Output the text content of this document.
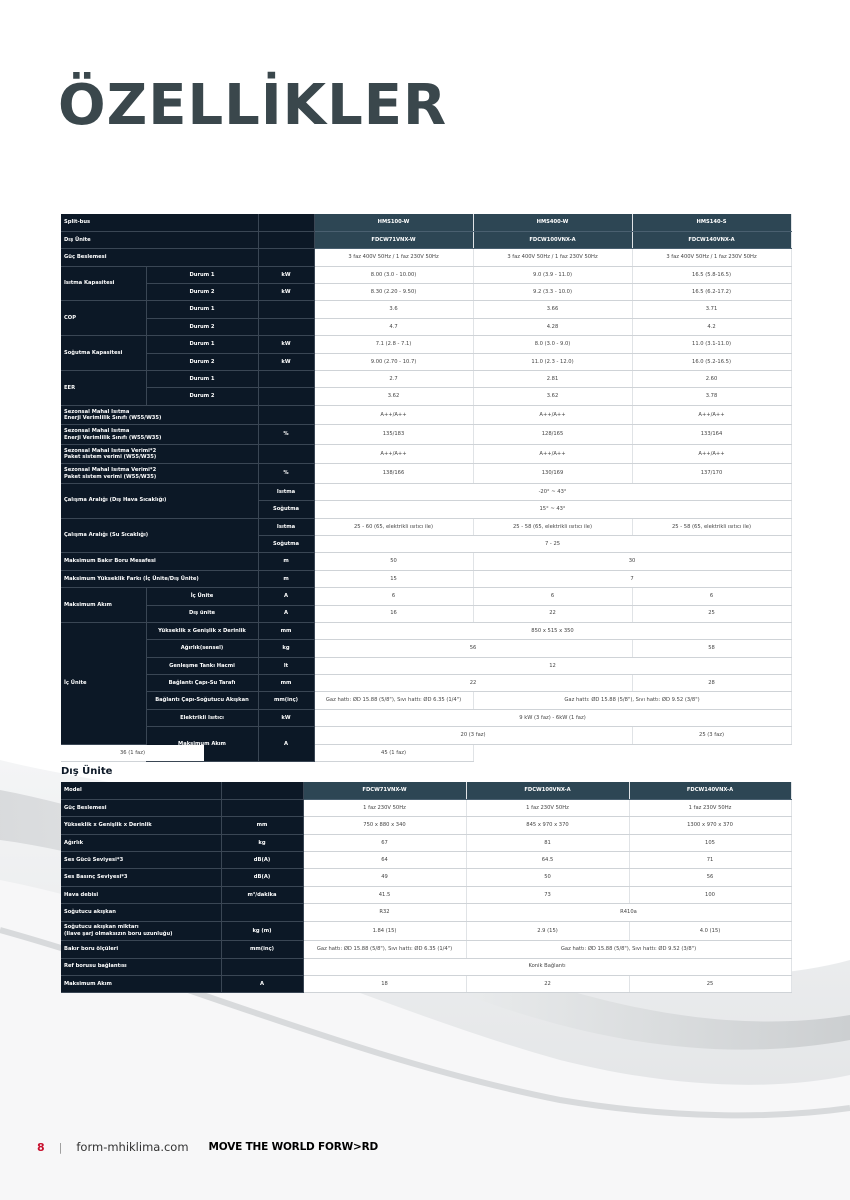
ÖZELLİKLER
Split-bus			HMS100-W	HMS400-W	HMS140-S
Dış Ünite			FDCW71VNX-W	FDCW100VNX-A	FDCW140VNX-A
Güç Beslemesi			3 faz 400V 50Hz / 1 faz 230V 50Hz	3 faz 400V 50Hz / 1 faz 230V 50Hz	3 faz 400V 50Hz / 1 faz 230V 50Hz
Isıtma Kapasitesi	Durum 1	kW	8.00 (3.0 - 10.00)	9.0 (3.9 - 11.0)	16.5 (5.8-16.5)
	Durum 2	kW	8.30 (2.20 - 9.50)	9.2 (3.3 - 10.0)	16.5 (6.2-17.2)
COP	Durum 1		3.6	3.66	3.71
	Durum 2		4.7	4.28	4.2
Soğutma Kapasitesi	Durum 1	kW	7.1 (2.8 - 7.1)	8.0 (3.0 - 9.0)	11.0 (3.1-11.0)
	Durum 2	kW	9.00 (2.70 - 10.7)	11.0 (2.3 - 12.0)	16.0 (5.2-16.5)
EER	Durum 1		2.7	2.81	2.60
	Durum 2		3.62	3.62	3.78
Sezonsal Mahal Isıtma
Enerji Verimlilik Sınıfı (W55/W35)			A++/A++	A++/A++	A++/A++
Sezonsal Mahal Isıtma
Enerji Verimlilik Sınıfı (W55/W35)		%	135/183	128/165	133/164
Sezonsal Mahal Isıtma Verimi*2
Paket sistem verimi (W55/W35)			A++/A++	A++/A++	A++/A++
Sezonsal Mahal Isıtma Verimi*2
Paket sistem verimi (W55/W35)		%	138/166	130/169	137/170
Çalışma Aralığı (Dış Hava Sıcaklığı)		Isıtma	-20° ~ 43°		
		Soğutma	15° ~ 43°		
Çalışma Aralığı (Su Sıcaklığı)		Isıtma	25 - 60 (65, elektrikli ısıtıcı ile)	25 - 58 (65, elektrikli ısıtıcı ile)	25 - 58 (65, elektrikli ısıtıcı ile)
		Soğutma	7 - 25		
Maksimum Bakır Boru Mesafesi		m	50	30	
Maksimum Yükseklik Farkı (İç Ünite/Dış Ünite)		m	15	7	
Maksimum Akım	İç Ünite	A	6	6	6
	Dış ünite	A	16	22	25
İç Ünite	Yükseklik x Genişlik x Derinlik	mm	850 x 515 x 350		
	Ağırlık(sensel)	kg	56		58
	Genleşme Tankı Hacmi	lt	12		
	Bağlantı Çapı-Su Tarafı	mm	22		28
	Bağlantı Çapı-Soğutucu Akışkan	mm(inç)	Gaz hattı: ØD 15.88 (5/8"), Sıvı hattı: ØD 6.35 (1/4")	Gaz hattı: ØD 15.88 (5/8"), Sıvı hattı: ØD 9.52 (3/8")	
	Elektrikli Isıtıcı	kW	9 kW (3 faz) - 6kW (1 faz)		
	Maksimum Akım	A	20 (3 faz)		25 (3 faz)
36 (1 faz)			45 (1 faz)		
Dış Ünite
Model		FDCW71VNX-W	FDCW100VNX-A	FDCW140VNX-A
Güç Beslemesi		1 faz 230V 50Hz	1 faz 230V 50Hz	1 faz 230V 50Hz
Yükseklik x Genişlik x Derinlik	mm	750 x 880 x 340	845 x 970 x 370	1300 x 970 x 370
Ağırlık	kg	67	81	105
Ses Gücü Seviyesi*3	dB(A)	64	64.5	71
Ses Basınç Seviyesi*3	dB(A)	49	50	56
Hava debisi	m³/dakika	41.5	73	100
Soğutucu akışkan		R32	R410a	
Soğutucu akışkan miktarı
(Ilave şarj olmaksızın boru uzunluğu)	kg (m)	1.84 (15)	2.9 (15)	4.0 (15)
Bakır boru ölçüleri	mm(inç)	Gaz hattı: ØD 15.88 (5/8"), Sıvı hattı: ØD 6.35 (1/4")	Gaz hattı: ØD 15.88 (5/8"), Sıvı hattı: ØD 9.52 (3/8")	
Ref borusu bağlantısı		Konik Bağlantı		
Maksimum Akım	A	18	22	25
8 | form-mhiklima.com MOVE THE WORLD FORW>RD
